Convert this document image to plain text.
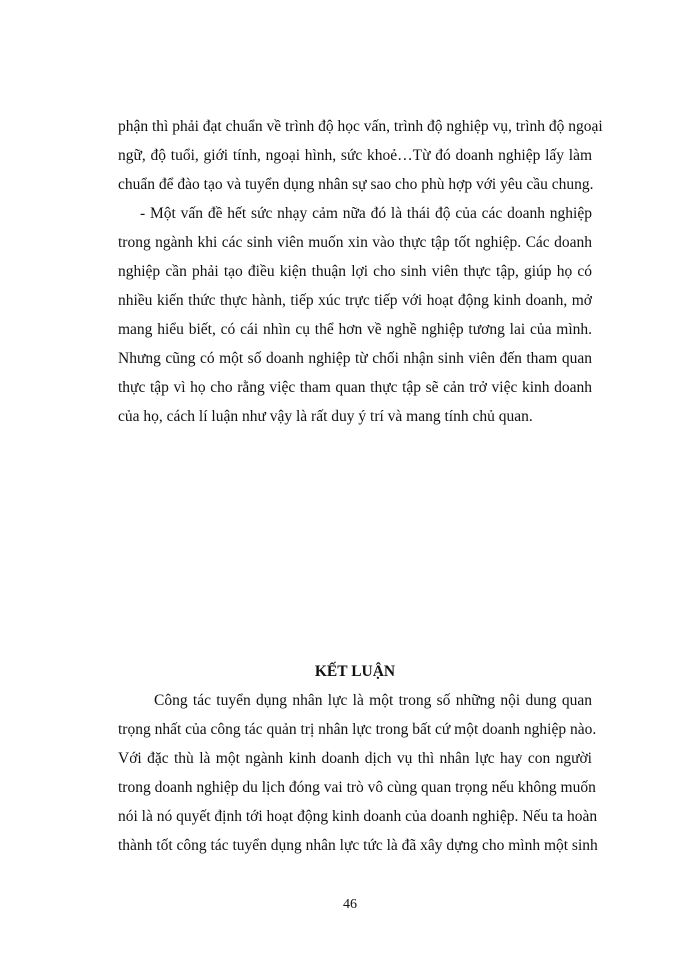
phận thì phải đạt chuẩn về trình độ học vấn, trình độ nghiệp vụ, trình độ ngoại
ngữ, độ tuổi, giới tính, ngoại hình, sức khoẻ…Từ đó doanh nghiệp lấy làm
chuẩn để đào tạo và tuyển dụng nhân sự sao cho phù hợp với yêu cầu chung.
- Một vấn đề hết sức nhạy cảm nữa đó là thái độ của các doanh nghiệp
trong ngành khi các sinh viên muốn xin vào thực tập tốt nghiệp. Các doanh
nghiệp cần phải tạo điều kiện thuận lợi cho sinh viên thực tập, giúp họ có
nhiều kiến thức thực hành, tiếp xúc trực tiếp với hoạt động kinh doanh, mở
mang hiểu biết, có cái nhìn cụ thể hơn về nghề nghiệp tương lai của mình.
Nhưng cũng có một số doanh nghiệp từ chối nhận sinh viên đến tham quan
thực tập vì họ cho rằng việc tham quan thực tập sẽ cản trở việc kinh doanh
của họ, cách lí luận như vậy là rất duy ý trí và mang tính chủ quan.
KẾT LUẬN
Công tác tuyển dụng nhân lực là một trong số những nội dung quan
trọng nhất của công tác quản trị nhân lực trong bất cứ một doanh nghiệp nào.
Với đặc thù là một ngành kinh doanh dịch vụ thì nhân lực hay con người
trong doanh nghiệp du lịch đóng vai trò vô cùng quan trọng nếu không muốn
nói là nó quyết định tới hoạt động kinh doanh của doanh nghiệp. Nếu ta hoàn
thành tốt công tác tuyển dụng nhân lực tức là đã xây dựng cho mình một sinh
46
